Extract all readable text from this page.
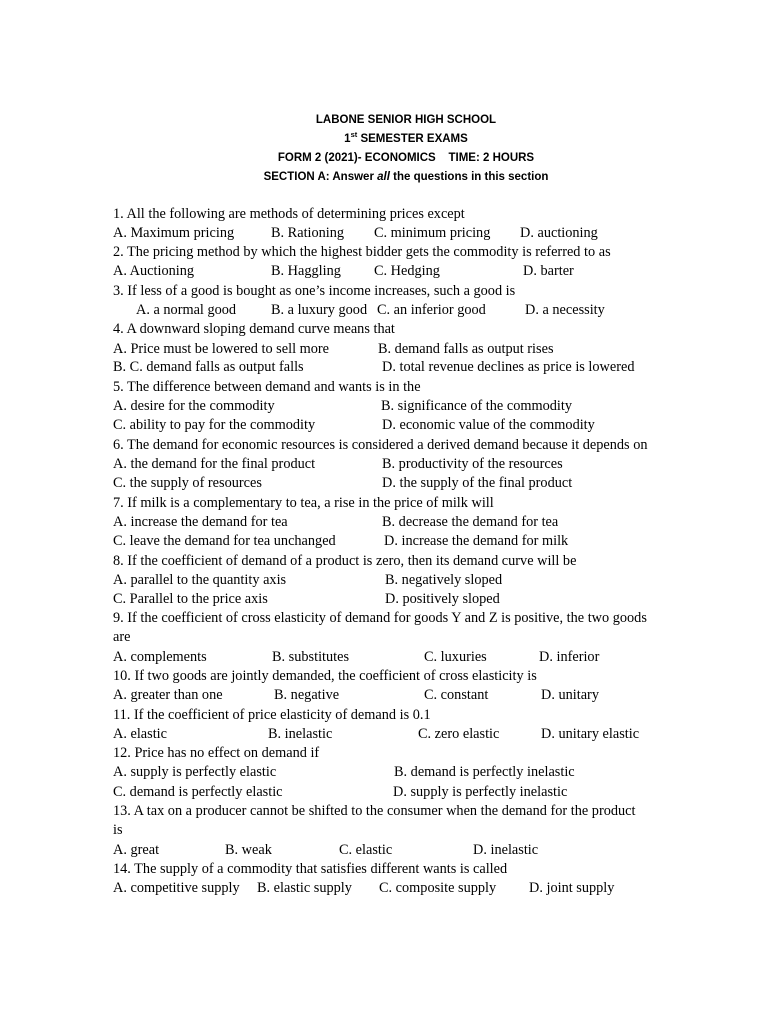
LABONE SENIOR HIGH SCHOOL
1st SEMESTER EXAMS
FORM 2 (2021)- ECONOMICS TIME: 2 HOURS
SECTION A: Answer all the questions in this section
1. All the following are methods of determining prices except
A. Maximum pricing	B. Rationing C. minimum pricing D. auctioning
2. The pricing method by which the highest bidder gets the commodity is referred to as
A. Auctioning	B. Haggling C. Hedging	D. barter
3. If less of a good is bought as one’s income increases, such a good is
A. a normal good B. a luxury good C. an inferior good	D. a necessity
4. A downward sloping demand curve means that
A. Price must be lowered to sell more	B. demand falls as output rises
B. C. demand falls as output falls	D. total revenue declines as price is lowered
5. The difference between demand and wants is in the
A. desire for the commodity	B. significance of the commodity
C. ability to pay for the commodity	D. economic value of the commodity
6. The demand for economic resources is considered a derived demand because it depends on
A. the demand for the final product	B. productivity of the resources
C. the supply of resources	D. the supply of the final product
7. If milk is a complementary to tea, a rise in the price of milk will
A. increase the demand for tea	B. decrease the demand for tea
C. leave the demand for tea unchanged	D. increase the demand for milk
8. If the coefficient of demand of a product is zero, then its demand curve will be
A. parallel to the quantity axis	B. negatively sloped
C. Parallel to the price axis	D. positively sloped
9. If the coefficient of cross elasticity of demand for goods Y and Z is positive, the two goods
are
A. complements	B. substitutes	C. luxuries	D. inferior
10. If two goods are jointly demanded, the coefficient of cross elasticity is
A. greater than one	B. negative	C. constant	D. unitary
11. If the coefficient of price elasticity of demand is 0.1
A. elastic	B. inelastic	C. zero elastic	D. unitary elastic
12. Price has no effect on demand if
A. supply is perfectly elastic	B. demand is perfectly inelastic
C. demand is perfectly elastic	D. supply is perfectly inelastic
13. A tax on a producer cannot be shifted to the consumer when the demand for the product
is
A. great	B. weak	C. elastic	D. inelastic
14. The supply of a commodity that satisfies different wants is called
A. competitive supply B. elastic supply C. composite supply D. joint supply
